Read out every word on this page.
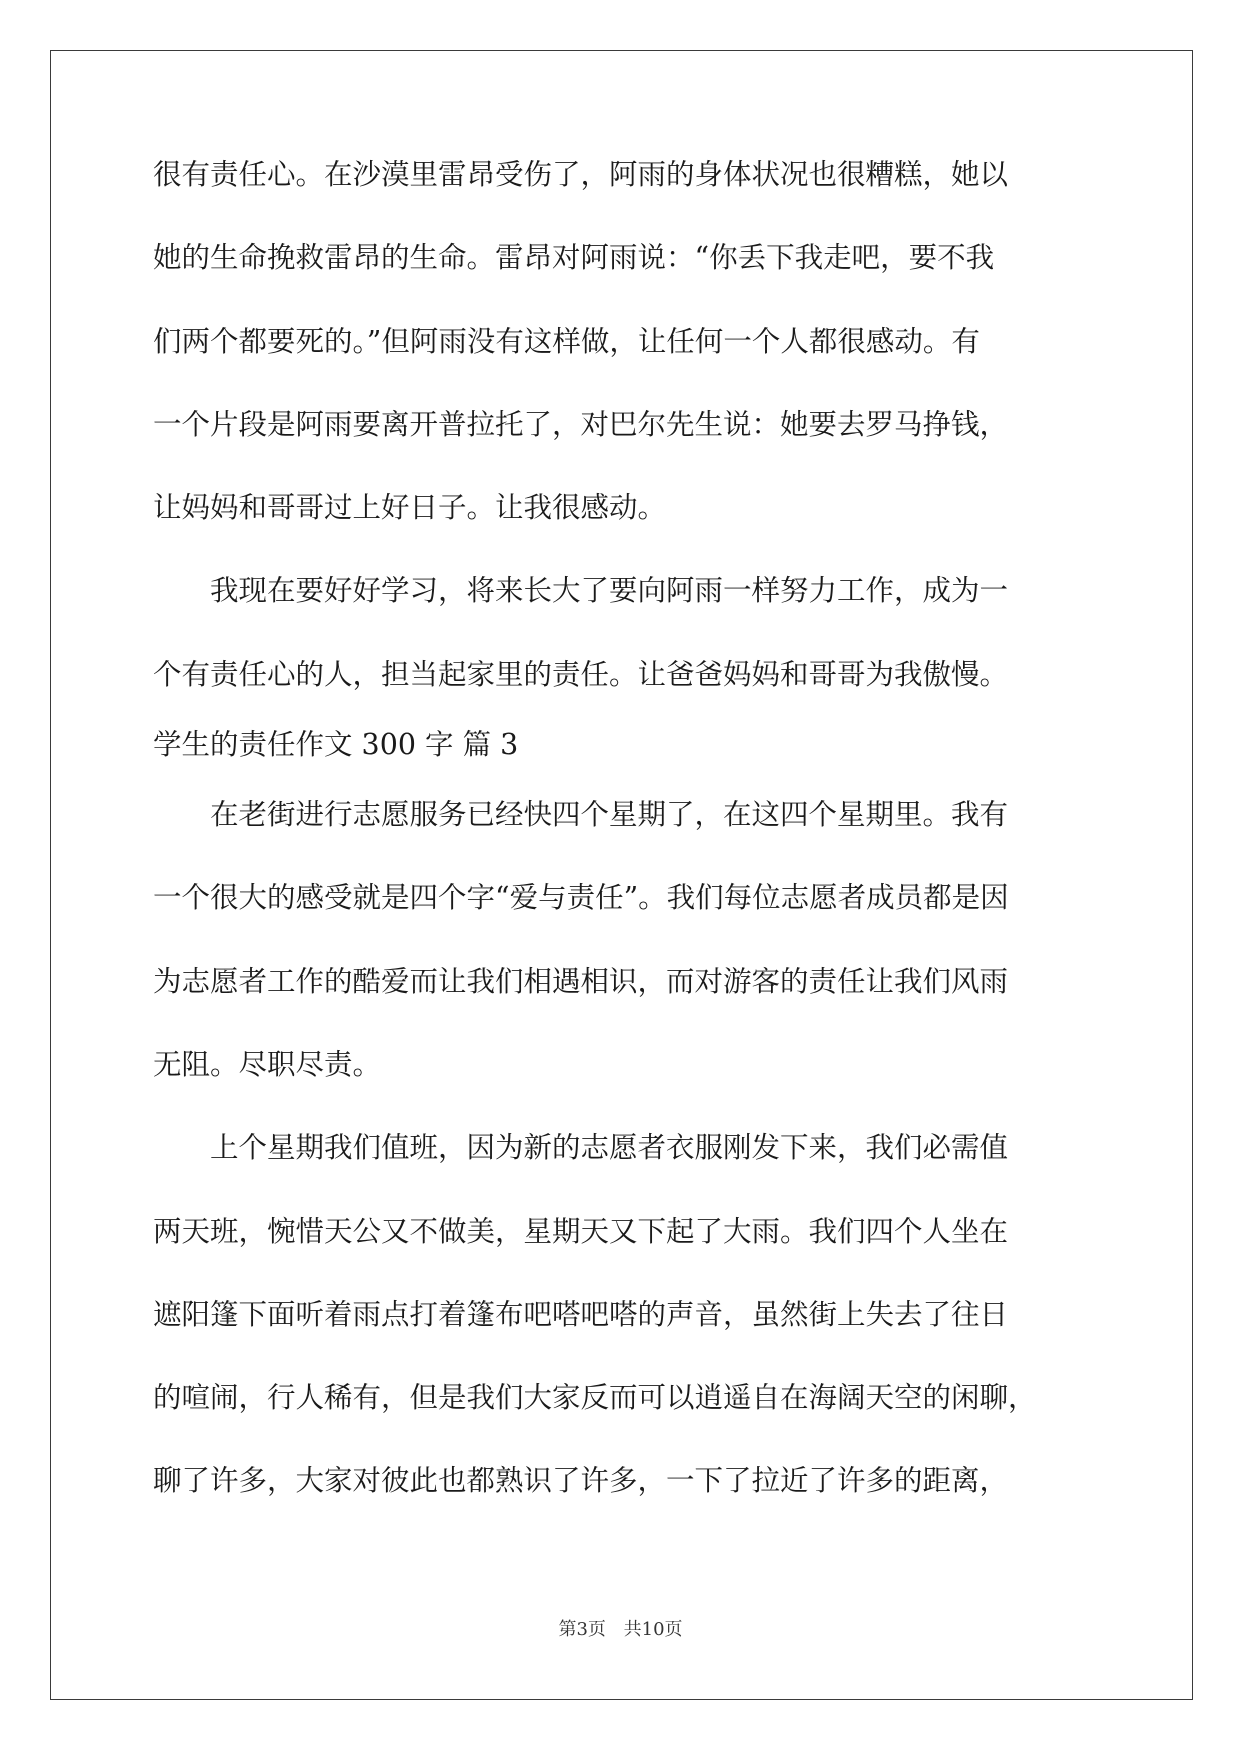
很有责任心。在沙漠里雷昂受伤了，阿雨的身体状况也很糟糕，她以
她的生命挽救雷昂的生命。雷昂对阿雨说：“你丢下我走吧，要不我
们两个都要死的。”但阿雨没有这样做，让任何一个人都很感动。有
一个片段是阿雨要离开普拉托了，对巴尔先生说：她要去罗马挣钱，
让妈妈和哥哥过上好日子。让我很感动。
　　我现在要好好学习，将来长大了要向阿雨一样努力工作，成为一
个有责任心的人，担当起家里的责任。让爸爸妈妈和哥哥为我傲慢。
学生的责任作文 300 字 篇 3
　　在老街进行志愿服务已经快四个星期了，在这四个星期里。我有
一个很大的感受就是四个字“爱与责任”。我们每位志愿者成员都是因
为志愿者工作的酷爱而让我们相遇相识，而对游客的责任让我们风雨
无阻。尽职尽责。
　　上个星期我们值班，因为新的志愿者衣服刚发下来，我们必需值
两天班，惋惜天公又不做美，星期天又下起了大雨。我们四个人坐在
遮阳篷下面听着雨点打着篷布吧嗒吧嗒的声音，虽然街上失去了往日
的喧闹，行人稀有，但是我们大家反而可以逍遥自在海阔天空的闲聊，
聊了许多，大家对彼此也都熟识了许多，一下了拉近了许多的距离，
第3页 共10页
